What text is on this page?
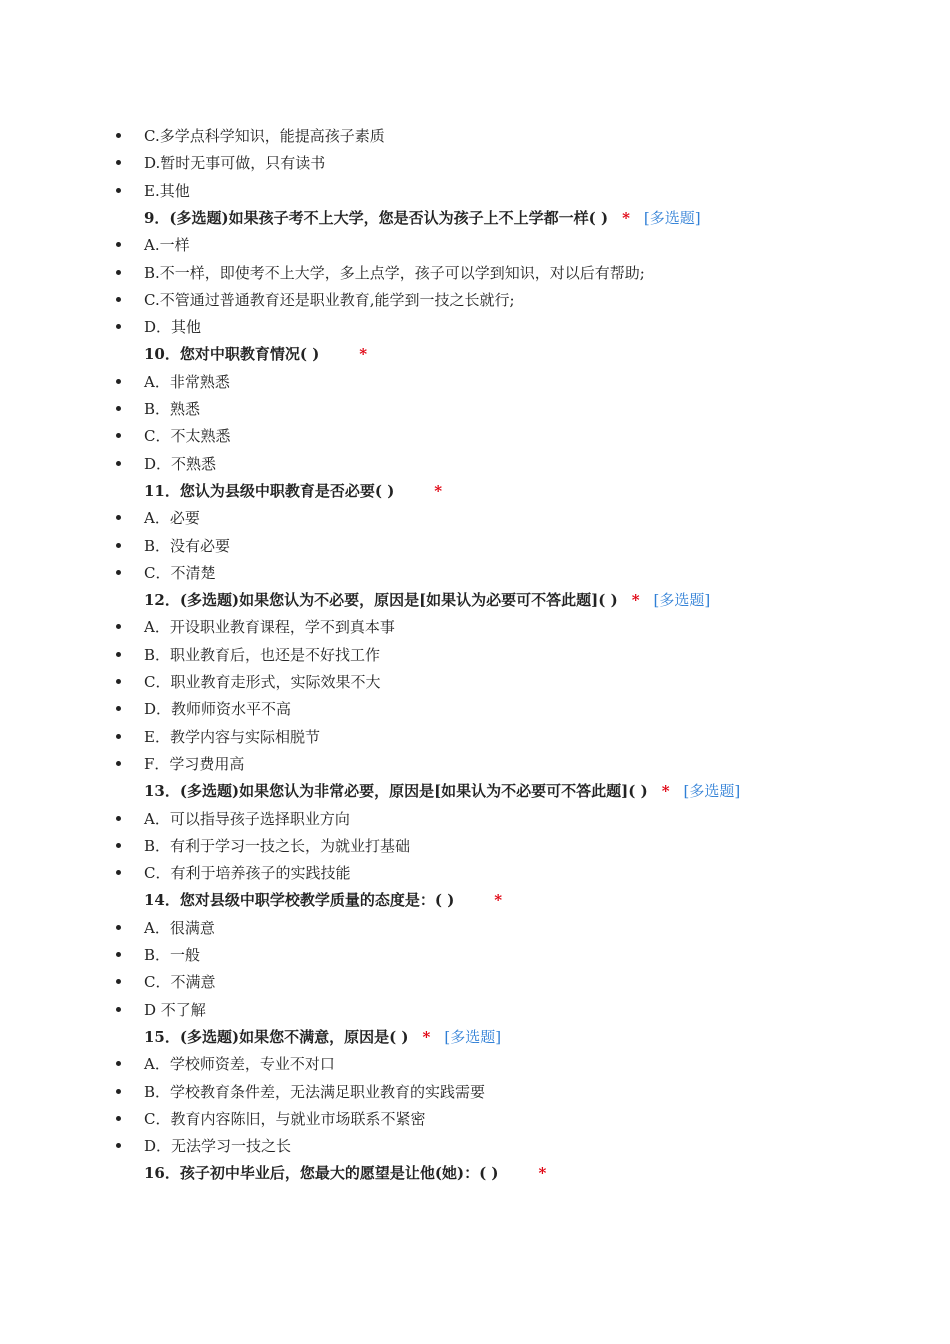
C.多学点科学知识，能提高孩子素质
D.暂时无事可做，只有读书
E.其他
9．(多选题)如果孩子考不上大学，您是否认为孩子上不上学都一样( ) * [多选题]
A.一样
B.不一样，即使考不上大学，多上点学，孩子可以学到知识，对以后有帮助;
C.不管通过普通教育还是职业教育,能学到一技之长就行;
D．其他
10．您对中职教育情况( )	*
A．非常熟悉
B．熟悉
C．不太熟悉
D．不熟悉
11．您认为县级中职教育是否必要( )	*
A．必要
B．没有必要
C．不清楚
12．(多选题)如果您认为不必要，原因是[如果认为必要可不答此题]( ) * [多选题]
A．开设职业教育课程，学不到真本事
B．职业教育后，也还是不好找工作
C．职业教育走形式，实际效果不大
D．教师师资水平不高
E．教学内容与实际相脱节
F．学习费用高
13．(多选题)如果您认为非常必要，原因是[如果认为不必要可不答此题]( ) * [多选题]
A．可以指导孩子选择职业方向
B．有利于学习一技之长，为就业打基础
C．有利于培养孩子的实践技能
14．您对县级中职学校教学质量的态度是：( )	*
A．很满意
B．一般
C．不满意
D 不了解
15．(多选题)如果您不满意，原因是( ) * [多选题]
A．学校师资差，专业不对口
B．学校教育条件差，无法满足职业教育的实践需要
C．教育内容陈旧，与就业市场联系不紧密
D．无法学习一技之长
16．孩子初中毕业后，您最大的愿望是让他(她)：( )	*
